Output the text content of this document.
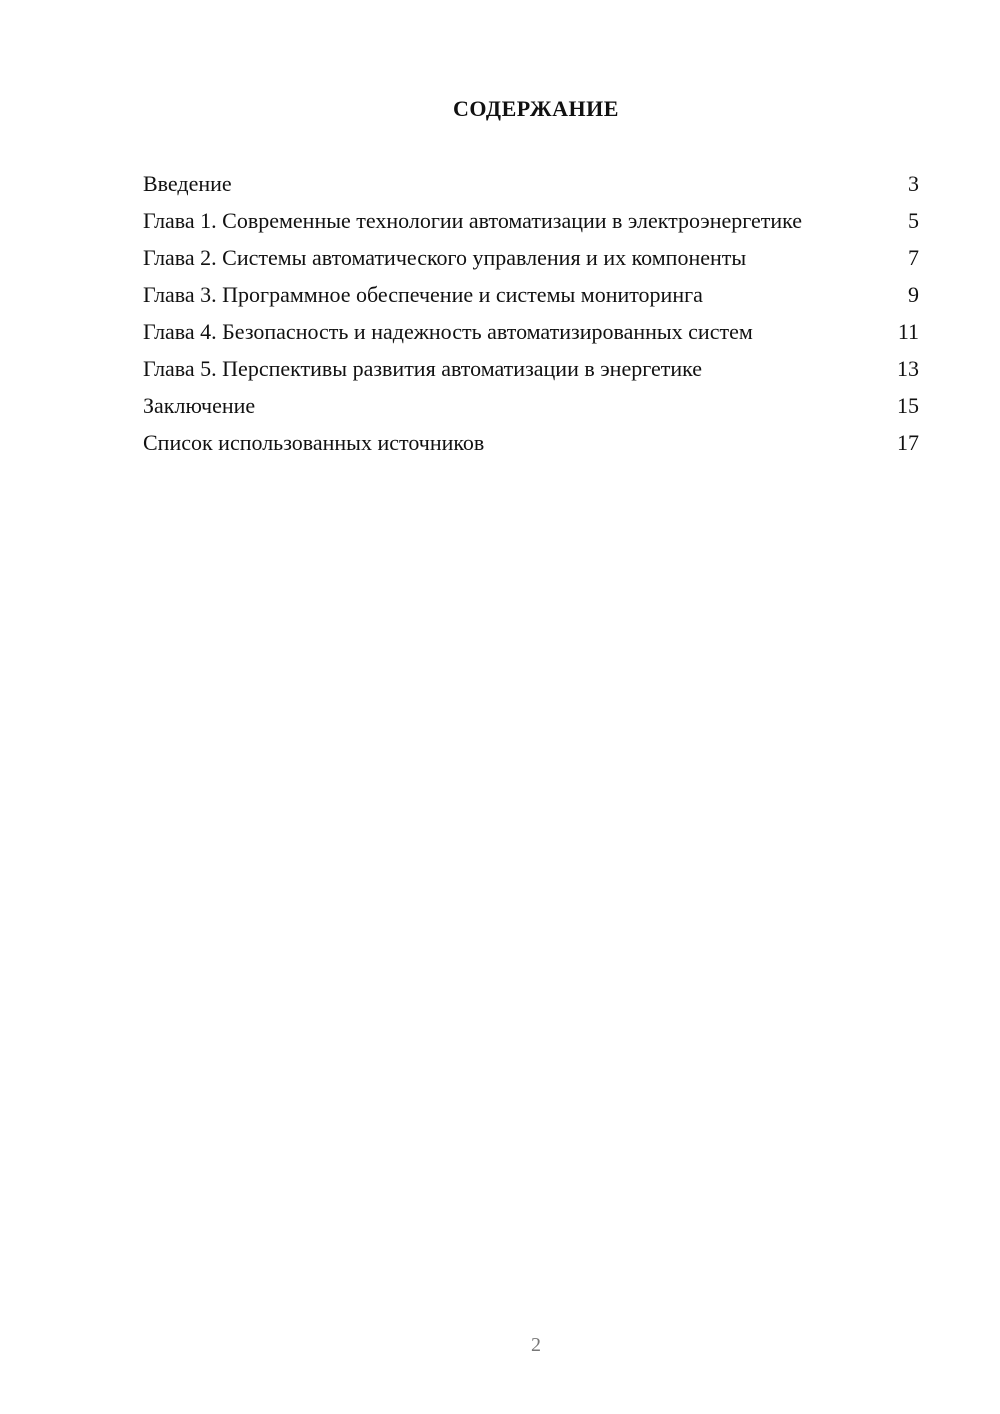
СОДЕРЖАНИЕ
Введение	3
Глава 1. Современные технологии автоматизации в электроэнергетике	5
Глава 2. Системы автоматического управления и их компоненты	7
Глава 3. Программное обеспечение и системы мониторинга	9
Глава 4. Безопасность и надежность автоматизированных систем	11
Глава 5. Перспективы развития автоматизации в энергетике	13
Заключение	15
Список использованных источников	17
2
